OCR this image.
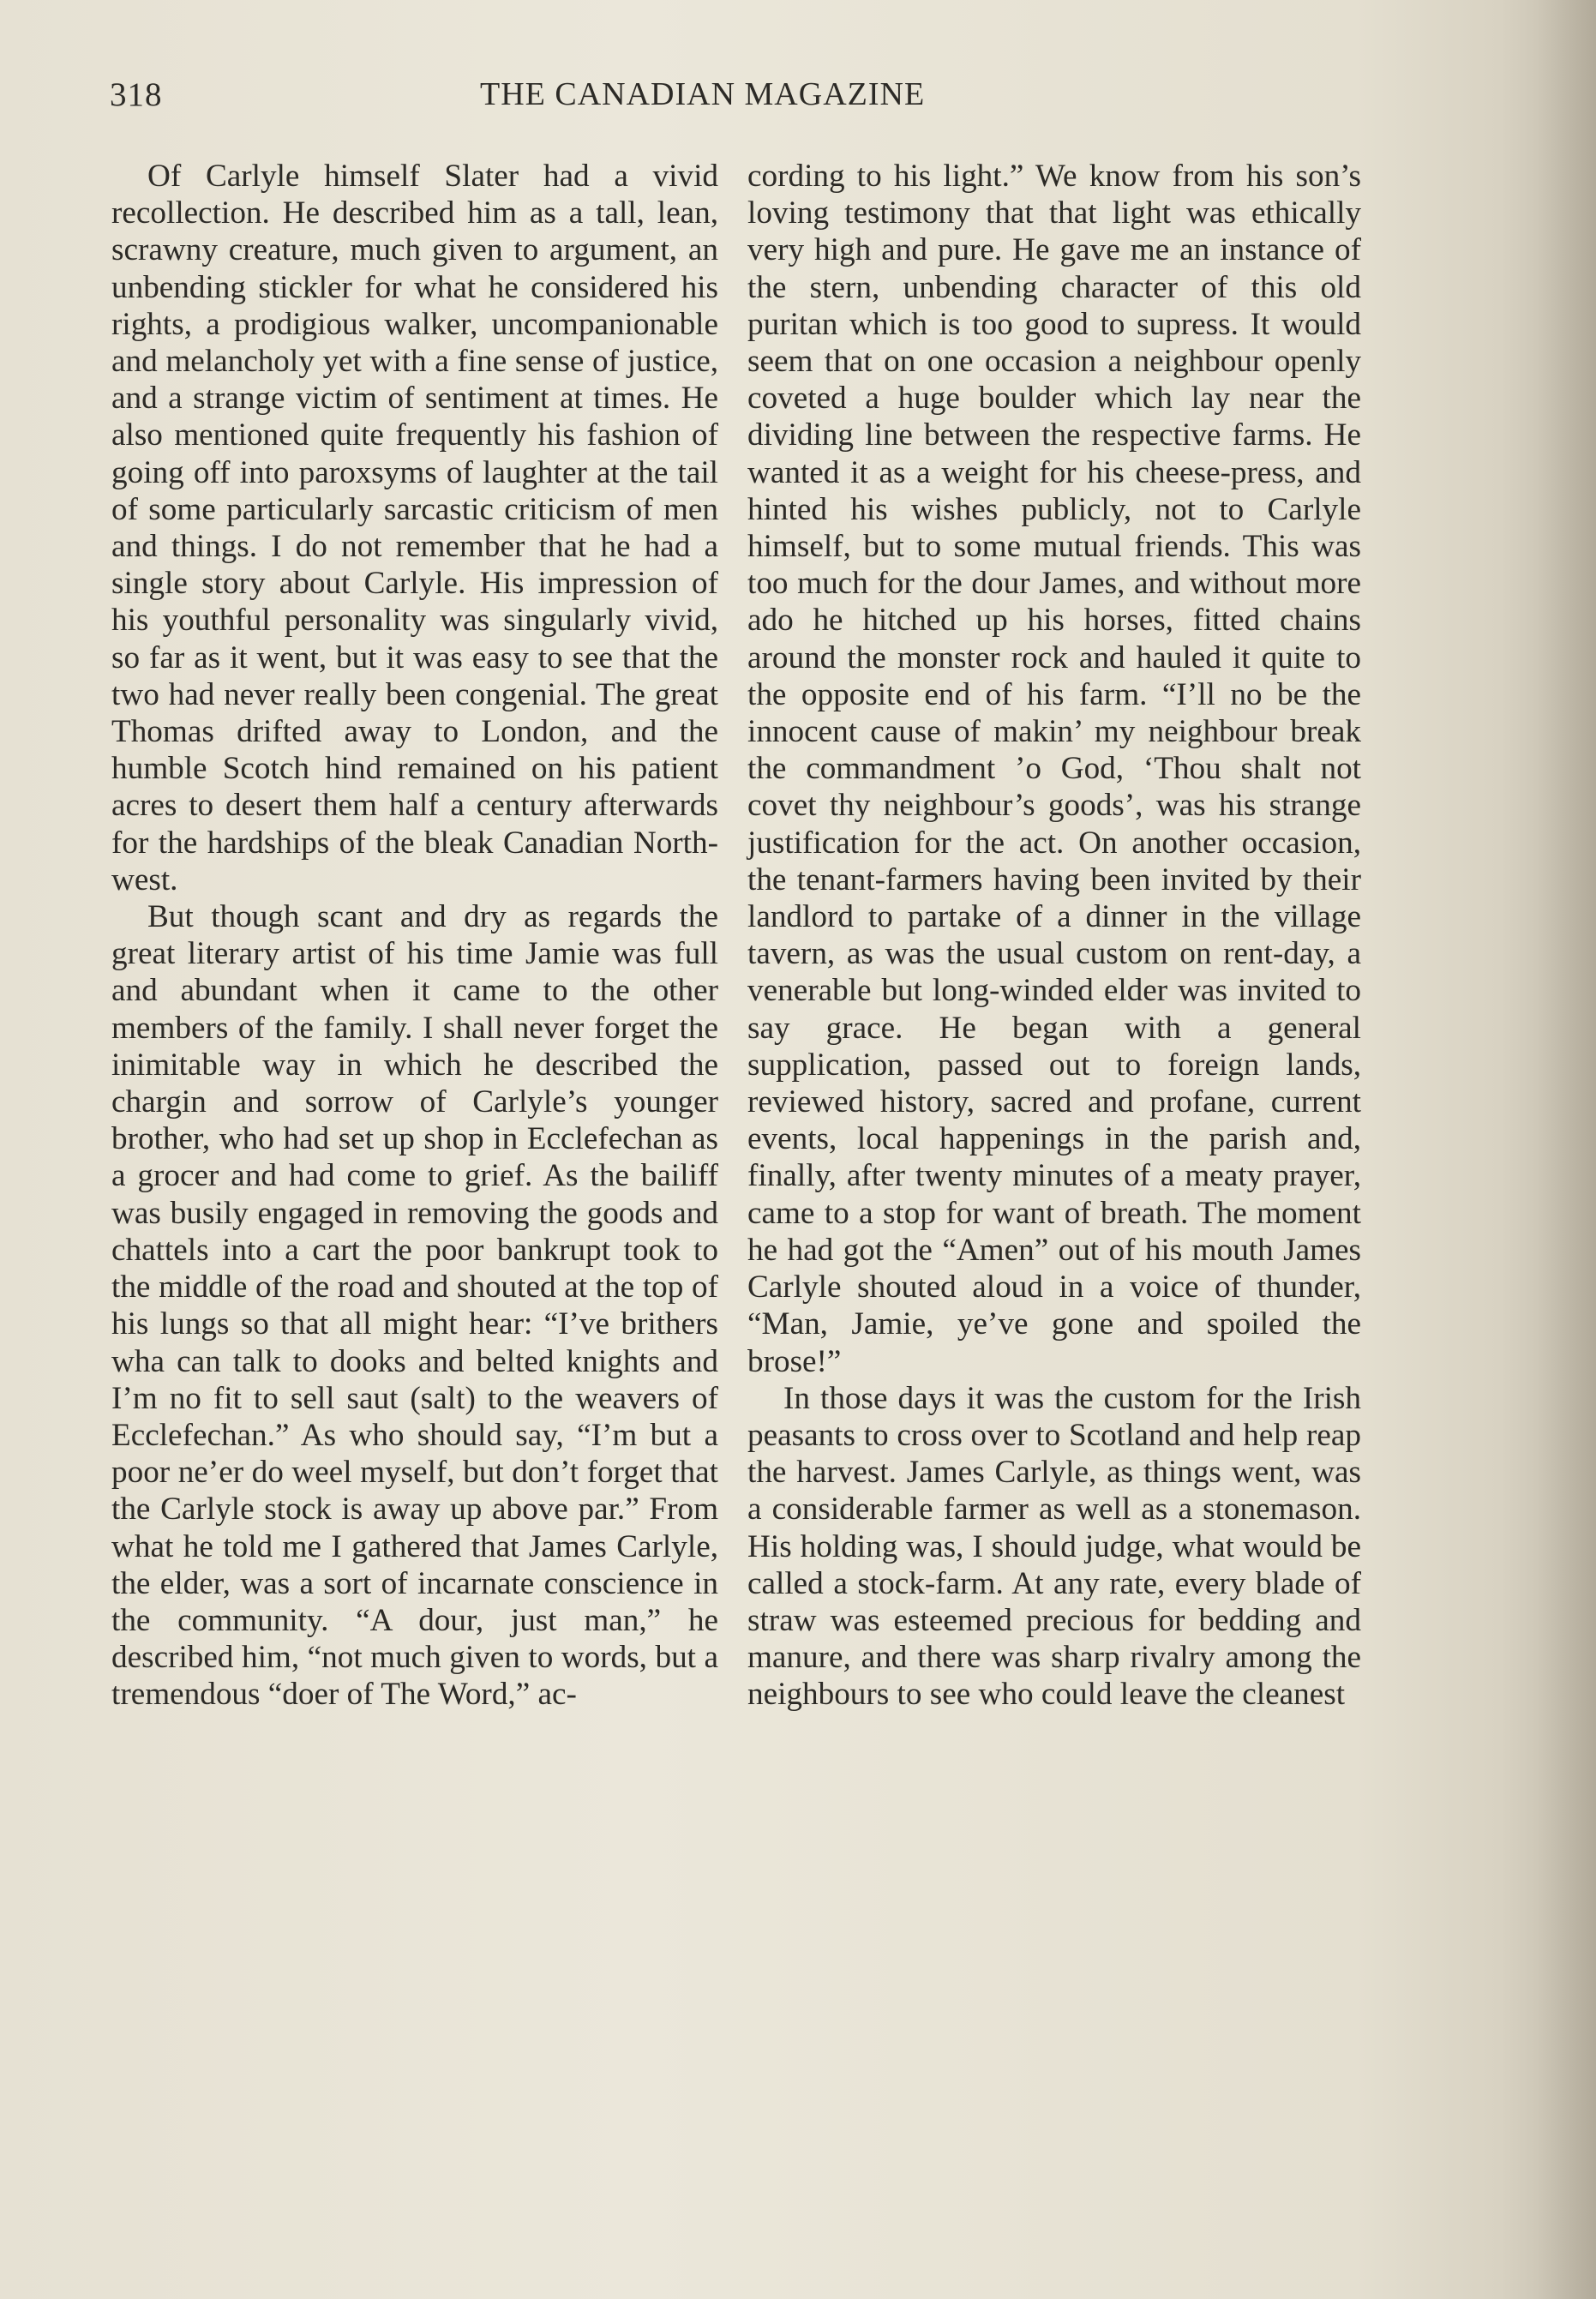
318	THE CANADIAN MAGAZINE

Of Carlyle himself Slater had a vivid recollection. He described him as a tall, lean, scrawny creature, much given to argument, an unbending stickler for what he considered his rights, a prodigious walker, uncompanionable and melancholy yet with a fine sense of justice, and a strange victim of sentiment at times. He also mentioned quite frequently his fashion of going off into paroxsyms of laughter at the tail of some particularly sarcastic criticism of men and things. I do not remember that he had a single story about Carlyle. His impression of his youthful personality was singularly vivid, so far as it went, but it was easy to see that the two had never really been congenial. The great Thomas drifted away to London, and the humble Scotch hind remained on his patient acres to desert them half a century afterwards for the hardships of the bleak Canadian North-west.

But though scant and dry as regards the great literary artist of his time Jamie was full and abundant when it came to the other members of the family. I shall never forget the inimitable way in which he described the chargin and sorrow of Carlyle’s younger brother, who had set up shop in Ecclefechan as a grocer and had come to grief. As the bailiff was busily engaged in removing the goods and chattels into a cart the poor bankrupt took to the middle of the road and shouted at the top of his lungs so that all might hear: “I’ve brithers wha can talk to dooks and belted knights and I’m no fit to sell saut (salt) to the weavers of Ecclefechan.” As who should say, “I’m but a poor ne’er do weel myself, but don’t forget that the Carlyle stock is away up above par.” From what he told me I gathered that James Carlyle, the elder, was a sort of incarnate conscience in the community. “A dour, just man,” he described him, “not much given to words, but a tremendous “doer of The Word,” ac-

cording to his light.” We know from his son’s loving testimony that that light was ethically very high and pure. He gave me an instance of the stern, unbending character of this old puritan which is too good to supress. It would seem that on one occasion a neighbour openly coveted a huge boulder which lay near the dividing line between the respective farms. He wanted it as a weight for his cheese-press, and hinted his wishes publicly, not to Carlyle himself, but to some mutual friends. This was too much for the dour James, and without more ado he hitched up his horses, fitted chains around the monster rock and hauled it quite to the opposite end of his farm. “I’ll no be the innocent cause of makin’ my neighbour break the commandment ’o God, ‘Thou shalt not covet thy neighbour’s goods’, was his strange justification for the act. On another occasion, the tenant-farmers having been invited by their landlord to partake of a dinner in the village tavern, as was the usual custom on rent-day, a venerable but long-winded elder was invited to say grace. He began with a general supplication, passed out to foreign lands, reviewed history, sacred and profane, current events, local happenings in the parish and, finally, after twenty minutes of a meaty prayer, came to a stop for want of breath. The moment he had got the “Amen” out of his mouth James Carlyle shouted aloud in a voice of thunder, “Man, Jamie, ye’ve gone and spoiled the brose!”

In those days it was the custom for the Irish peasants to cross over to Scotland and help reap the harvest. James Carlyle, as things went, was a considerable farmer as well as a stonemason. His holding was, I should judge, what would be called a stock-farm. At any rate, every blade of straw was esteemed precious for bedding and manure, and there was sharp rivalry among the neighbours to see who could leave the cleanest
